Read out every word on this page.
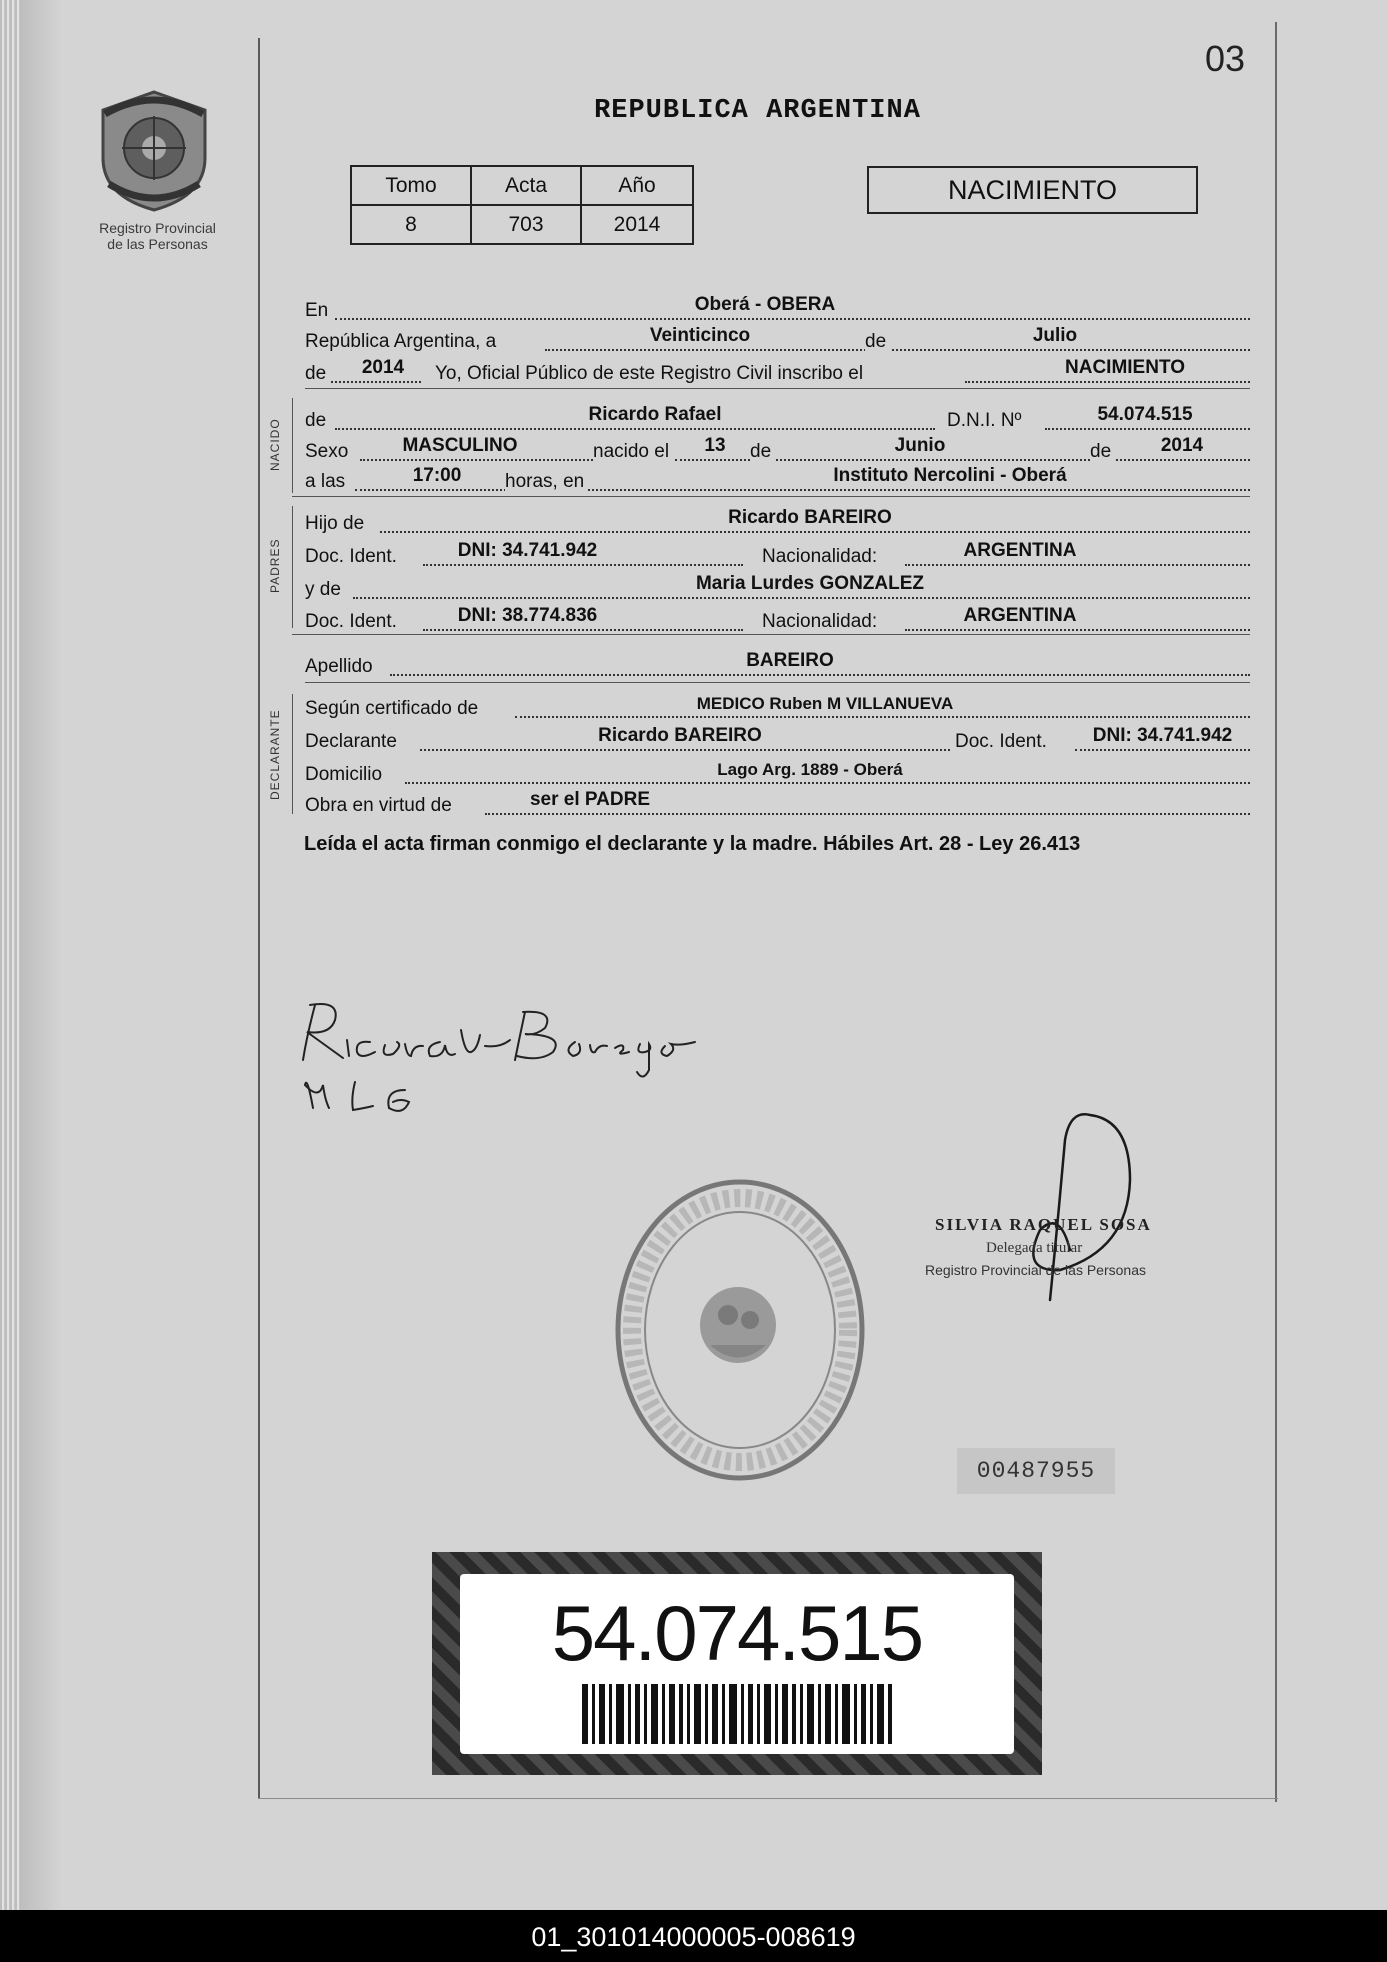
03
REPUBLICA ARGENTINA
Registro Provincial
de las Personas
Tomo	Acta	Año
8	703	2014
NACIMIENTO
En	Oberá - OBERA
República Argentina, a	Veinticinco	de	Julio
de	2014	Yo, Oficial Público de este Registro Civil inscribo el	NACIMIENTO
NACIDO	de	Ricardo Rafael	D.N.I. Nº	54.074.515
Sexo	MASCULINO	nacido el 13 de	Junio	de	2014
a las	17:00	horas, en	Instituto Nercolini - Oberá
PADRES
Hijo de	Ricardo BAREIRO
Doc. Ident.	DNI: 34.741.942	Nacionalidad:	ARGENTINA
y de	Maria Lurdes GONZALEZ
Doc. Ident.	DNI: 38.774.836	Nacionalidad:	ARGENTINA
Apellido	BAREIRO
DECLARANTE
Según certificado de	MEDICO Ruben M VILLANUEVA
Declarante	Ricardo BAREIRO	Doc. Ident.	DNI: 34.741.942
Domicilio	Lago Arg. 1889 - Oberá
Obra en virtud de	ser el PADRE
Leída el acta firman conmigo el declarante y la madre. Hábiles Art. 28 - Ley 26.413
SILVIA RAQUEL SOSA
Delegada titular
Registro Provincial de las Personas
00487955
54.074.515
01_301014000005-008619
